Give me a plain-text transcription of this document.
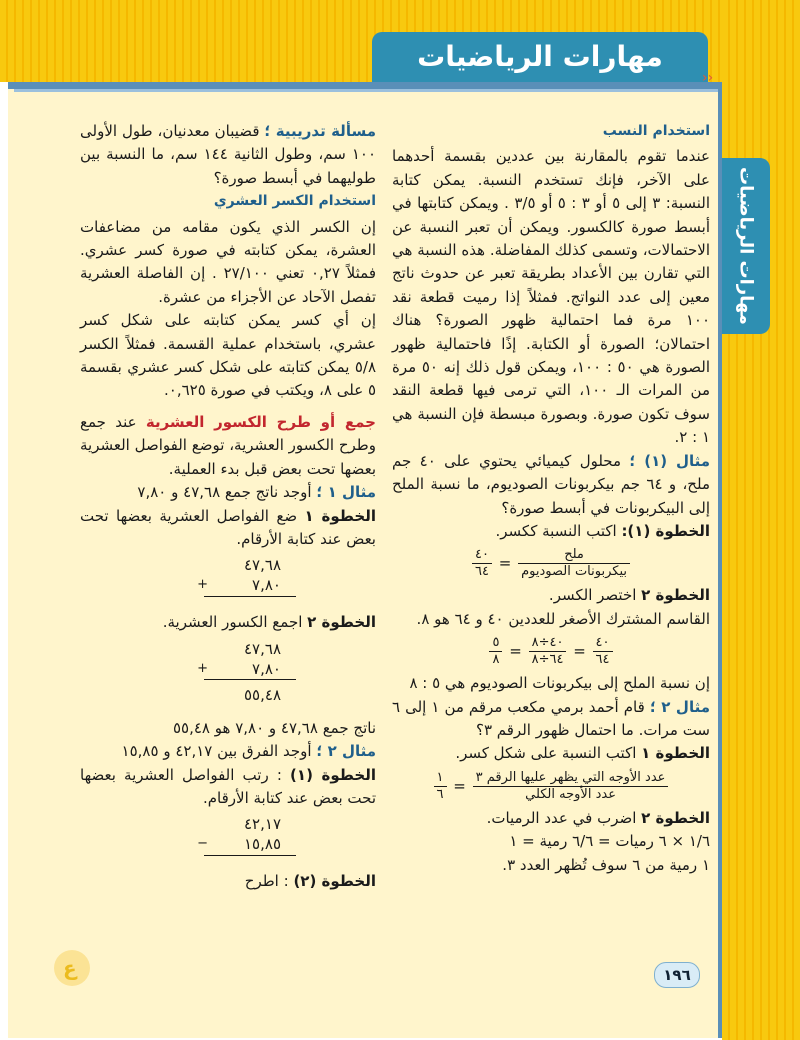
مهارات الرياضيات
››
مهارات الرياضيات

استخدام النسب

عندما تقوم بالمقارنة بين عددين بقسمة أحدهما على الآخر، فإنك تستخدم النسبة. يمكن كتابة النسبة: ٣ إلى ٥ أو ٣ : ٥ أو ٣/٥ . ويمكن كتابتها في أبسط صورة كالكسور. ويمكن أن تعبر النسبة عن الاحتمالات، وتسمى كذلك المفاضلة. هذه النسبة هي التي تقارن بين الأعداد بطريقة تعبر عن حدوث ناتج معين إلى عدد النواتج. فمثلاً إذا رميت قطعة نقد ١٠٠ مرة فما احتمالية ظهور الصورة؟ هناك احتمالان؛ الصورة أو الكتابة. إذًا فاحتمالية ظهور الصورة هي ٥٠ : ١٠٠، ويمكن قول ذلك إنه ٥٠ مرة من المرات الـ ١٠٠، التي ترمى فيها قطعة النقد سوف تكون صورة. وبصورة مبسطة فإن النسبة هي ١ : ٢.

مثال (١) ؛ محلول كيميائي يحتوي على ٤٠ جم ملح، و ٦٤ جم بيكربونات الصوديوم، ما نسبة الملح إلى البيكربونات في أبسط صورة؟

الخطوة (١): اكتب النسبة ككسر.

$\frac{\text{ملح}}{\text{بيكربونات الصوديوم}}$
=
$\frac{٤٠}{٦٤}$

الخطوة ٢ اختصر الكسر.

القاسم المشترك الأصغر للعددين ٤٠ و ٦٤ هو ٨.

$\frac{٤٠}{٦٤}$
=
$\frac{٤٠\div ٨}{٦٤\div ٨}$
=
$\frac{٥}{٨}$

إن نسبة الملح إلى بيكربونات الصوديوم هي ٥ : ٨

مثال ٢ ؛ قام أحمد برمي مكعب مرقم من ١ إلى ٦ ست مرات. ما احتمال ظهور الرقم ٣؟

الخطوة ١ اكتب النسبة على شكل كسر.

$\frac{\text{عدد الأوجه التي يظهر عليها الرقم ٣}}{\text{عدد الأوجه الكلي}}$
=
$\frac{١}{٦}$

الخطوة ٢ اضرب في عدد الرميات.

١/٦ × ٦ رميات = ٦/٦ رمية = ١

١ رمية من ٦ سوف تُظهر العدد ٣.

مسألة تدريبية ؛ قضيبان معدنيان، طول الأولى ١٠٠ سم، وطول الثانية ١٤٤ سم، ما النسبة بين طوليهما في أبسط صورة؟

استخدام الكسر العشري

إن الكسر الذي يكون مقامه من مضاعفات العشرة، يمكن كتابته في صورة كسر عشري. فمثلاً ٠,٢٧ تعني ٢٧/١٠٠ . إن الفاصلة العشرية تفصل الآحاد عن الأجزاء من عشرة.

إن أي كسر يمكن كتابته على شكل كسر عشري، باستخدام عملية القسمة. فمثلاً الكسر ٥/٨ يمكن كتابته على شكل كسر عشري بقسمة ٥ على ٨، ويكتب في صورة ٠,٦٢٥.

جمع أو طرح الكسور العشرية عند جمع وطرح الكسور العشرية، توضع الفواصل العشرية بعضها تحت بعض قبل بدء العملية.

مثال ١ ؛ أوجد ناتج جمع ٤٧,٦٨ و ٧,٨٠

الخطوة ١ ضع الفواصل العشرية بعضها تحت بعض عند كتابة الأرقام.

٤٧,٦٨
٧,٨٠
+

الخطوة ٢ اجمع الكسور العشرية.

٤٧,٦٨
٧,٨٠
+
٥٥,٤٨

ناتج جمع ٤٧,٦٨ و ٧,٨٠ هو ٥٥,٤٨

مثال ٢ ؛ أوجد الفرق بين ٤٢,١٧ و ١٥,٨٥

الخطوة (١) : رتب الفواصل العشرية بعضها تحت بعض عند كتابة الأرقام.

٤٢,١٧
١٥,٨٥
−

الخطوة (٢) : اطرح

١٩٦
ع
